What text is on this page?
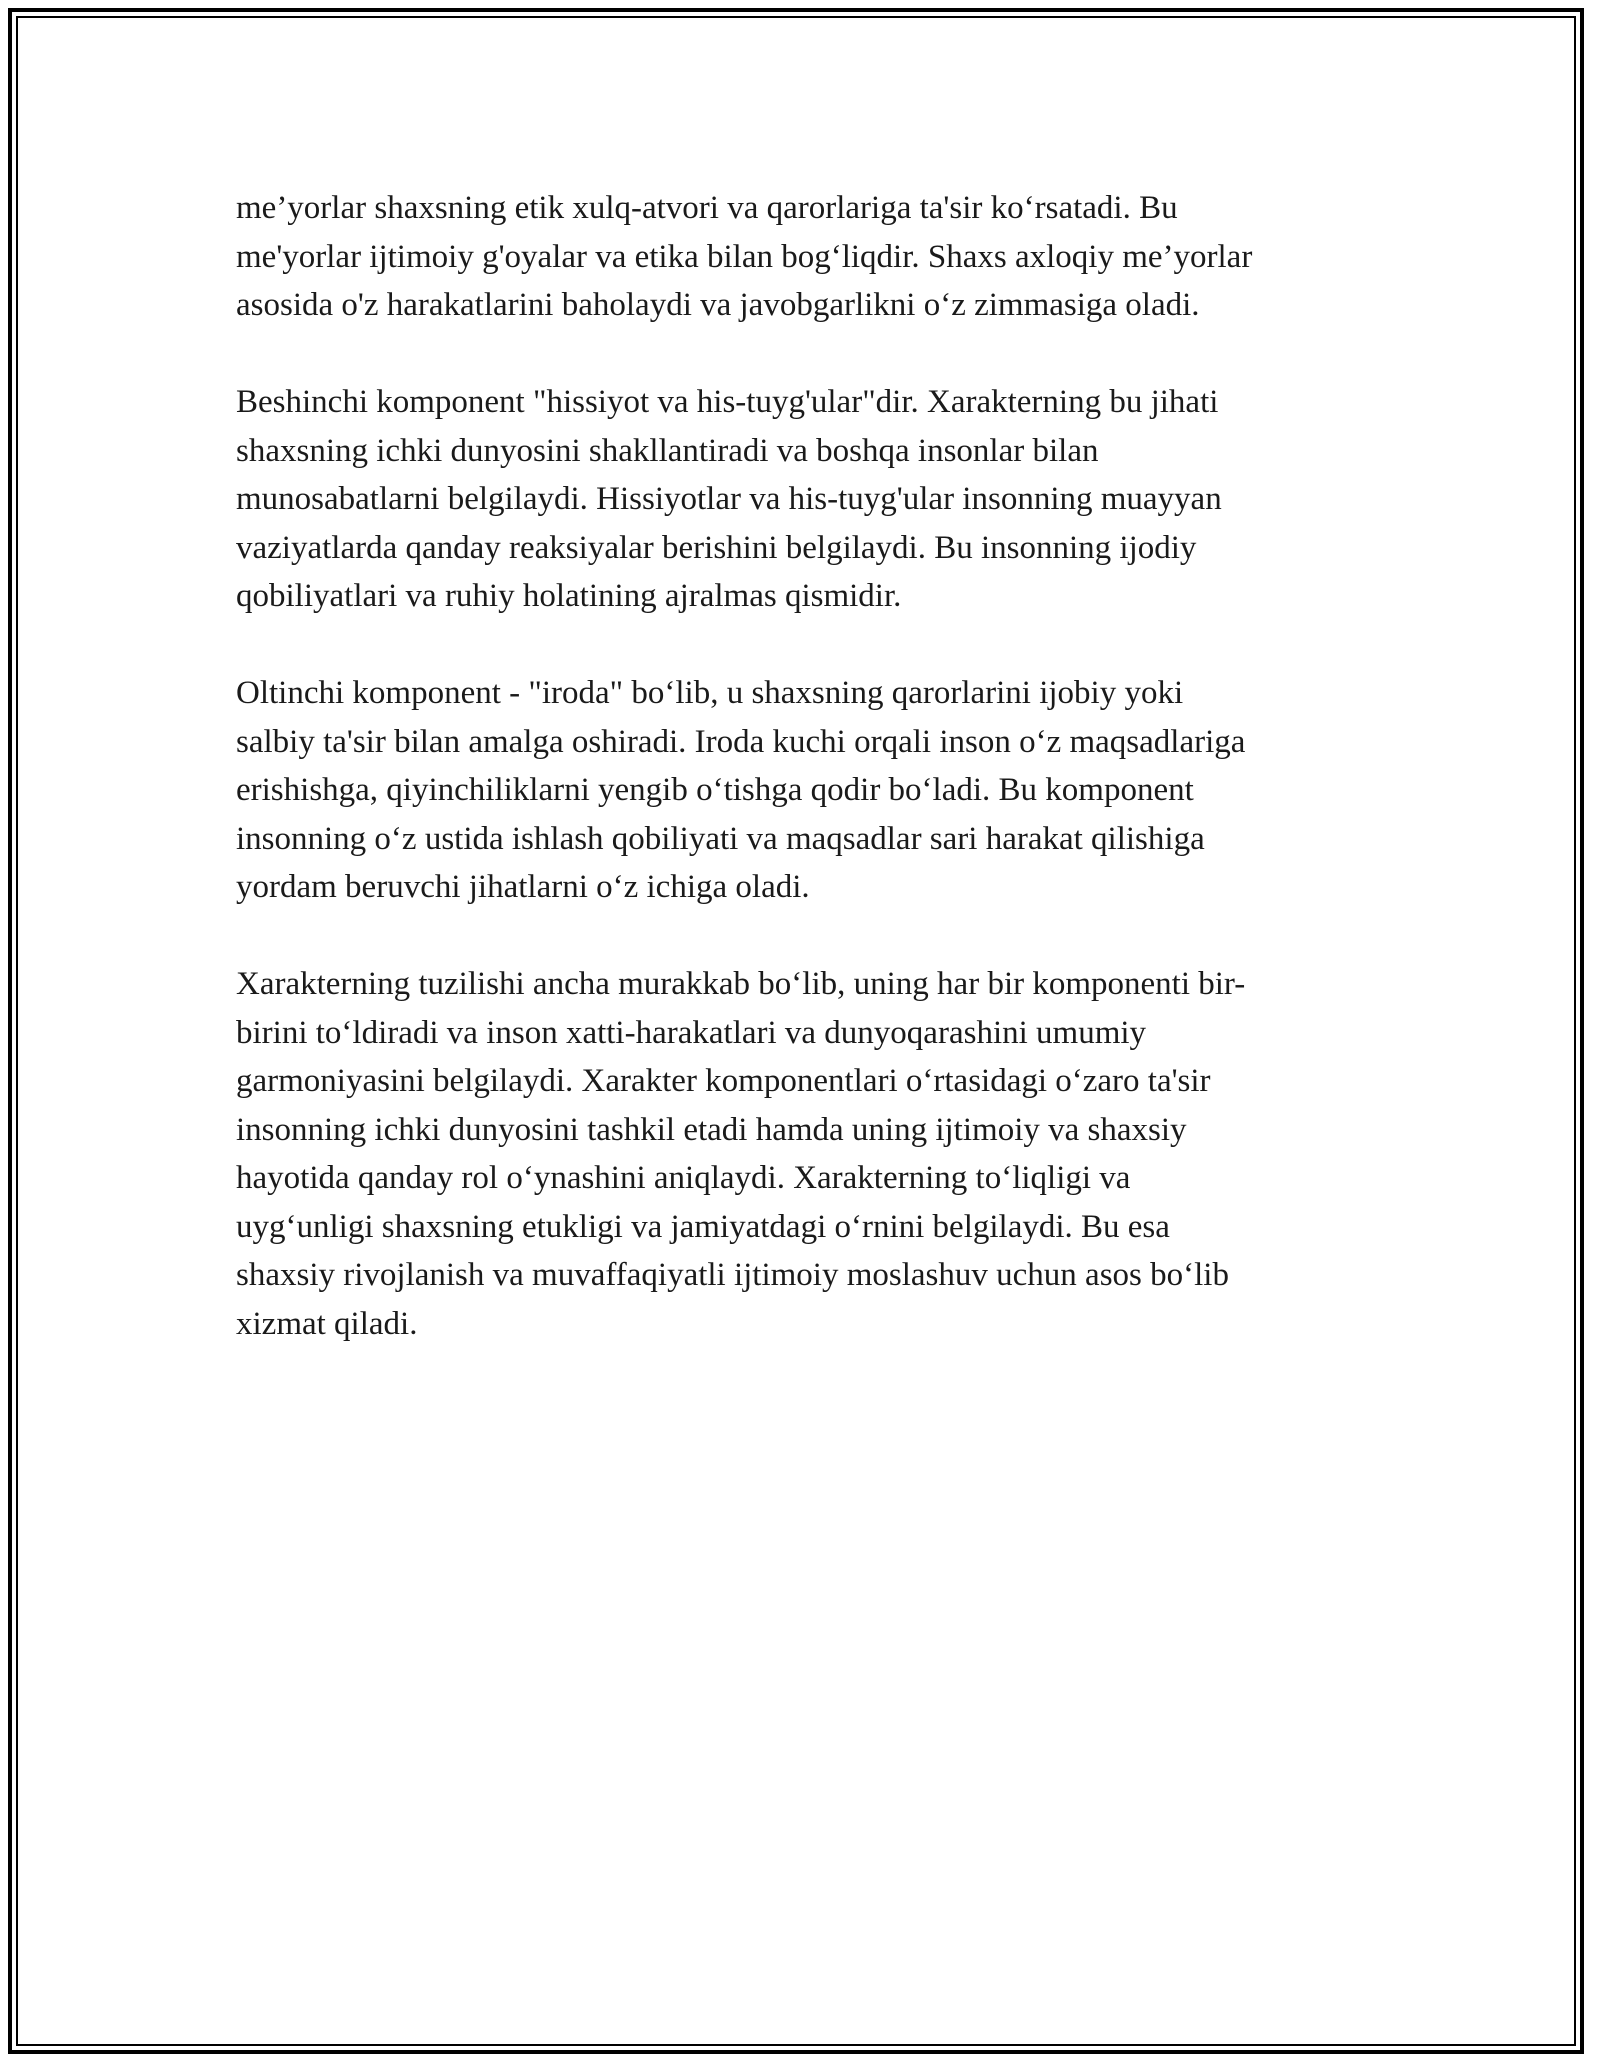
me’yorlar shaxsning etik xulq-atvori va qarorlariga ta'sir ko‘rsatadi. Bu
me'yorlar ijtimoiy g'oyalar va etika bilan bog‘liqdir. Shaxs axloqiy me’yorlar
asosida o'z harakatlarini baholaydi va javobgarlikni o‘z zimmasiga oladi.

Beshinchi komponent "hissiyot va his-tuyg'ular"dir. Xarakterning bu jihati
shaxsning ichki dunyosini shakllantiradi va boshqa insonlar bilan
munosabatlarni belgilaydi. Hissiyotlar va his-tuyg'ular insonning muayyan
vaziyatlarda qanday reaksiyalar berishini belgilaydi. Bu insonning ijodiy
qobiliyatlari va ruhiy holatining ajralmas qismidir.

Oltinchi komponent - "iroda" bo‘lib, u shaxsning qarorlarini ijobiy yoki
salbiy ta'sir bilan amalga oshiradi. Iroda kuchi orqali inson o‘z maqsadlariga
erishishga, qiyinchiliklarni yengib o‘tishga qodir bo‘ladi. Bu komponent
insonning o‘z ustida ishlash qobiliyati va maqsadlar sari harakat qilishiga
yordam beruvchi jihatlarni o‘z ichiga oladi.

Xarakterning tuzilishi ancha murakkab bo‘lib, uning har bir komponenti bir-
birini to‘ldiradi va inson xatti-harakatlari va dunyoqarashini umumiy
garmoniyasini belgilaydi. Xarakter komponentlari o‘rtasidagi o‘zaro ta'sir
insonning ichki dunyosini tashkil etadi hamda uning ijtimoiy va shaxsiy
hayotida qanday rol o‘ynashini aniqlaydi. Xarakterning to‘liqligi va
uyg‘unligi shaxsning etukligi va jamiyatdagi o‘rnini belgilaydi. Bu esa
shaxsiy rivojlanish va muvaffaqiyatli ijtimoiy moslashuv uchun asos bo‘lib
xizmat qiladi.
